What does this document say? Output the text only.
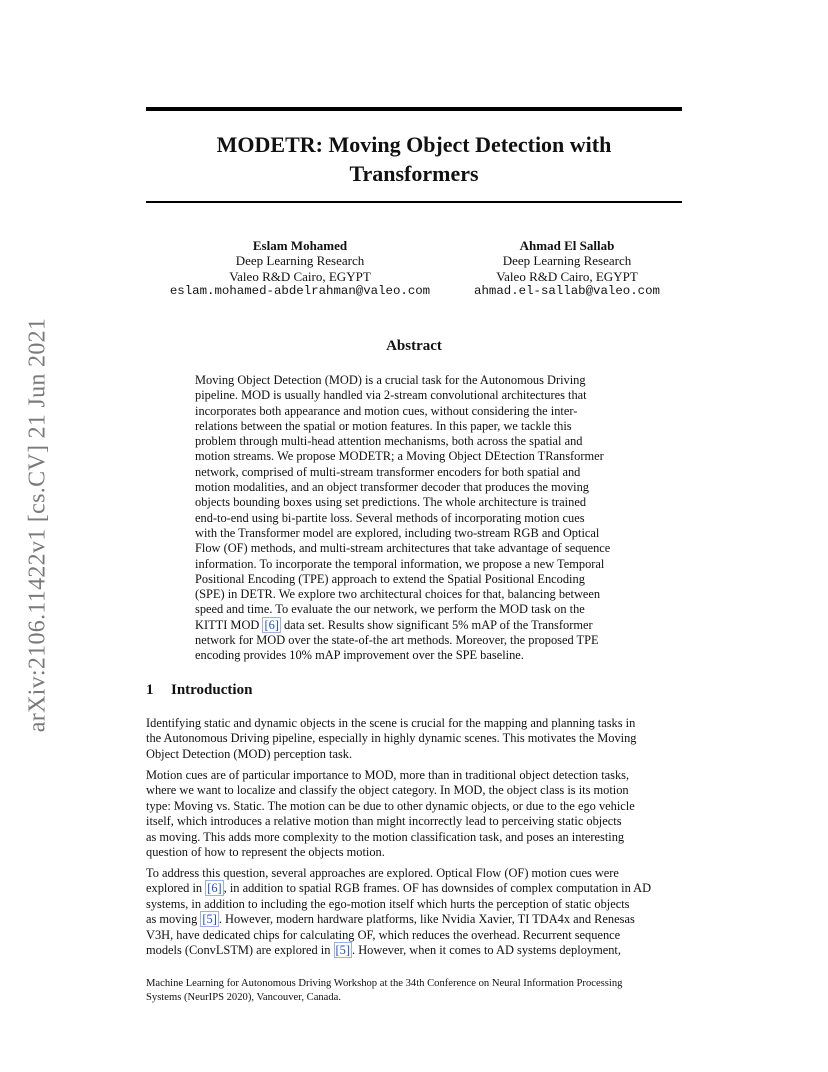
MODETR: Moving Object Detection with
Transformers
arXiv:2106.11422v1 [cs.CV] 21 Jun 2021
Eslam Mohamed
Deep Learning Research
Valeo R&D Cairo, EGYPT
eslam.mohamed-abdelrahman@valeo.com
Ahmad El Sallab
Deep Learning Research
Valeo R&D Cairo, EGYPT
ahmad.el-sallab@valeo.com
Abstract
Moving Object Detection (MOD) is a crucial task for the Autonomous Driving
pipeline. MOD is usually handled via 2-stream convolutional architectures that
incorporates both appearance and motion cues, without considering the inter-
relations between the spatial or motion features. In this paper, we tackle this
problem through multi-head attention mechanisms, both across the spatial and
motion streams. We propose MODETR; a Moving Object DEtection TRansformer
network, comprised of multi-stream transformer encoders for both spatial and
motion modalities, and an object transformer decoder that produces the moving
objects bounding boxes using set predictions. The whole architecture is trained
end-to-end using bi-partite loss. Several methods of incorporating motion cues
with the Transformer model are explored, including two-stream RGB and Optical
Flow (OF) methods, and multi-stream architectures that take advantage of sequence
information. To incorporate the temporal information, we propose a new Temporal
Positional Encoding (TPE) approach to extend the Spatial Positional Encoding
(SPE) in DETR. We explore two architectural choices for that, balancing between
speed and time. To evaluate the our network, we perform the MOD task on the
KITTI MOD [6] data set. Results show significant 5% mAP of the Transformer
network for MOD over the state-of-the art methods. Moreover, the proposed TPE
encoding provides 10% mAP improvement over the SPE baseline.
1 Introduction
Identifying static and dynamic objects in the scene is crucial for the mapping and planning tasks in
the Autonomous Driving pipeline, especially in highly dynamic scenes. This motivates the Moving
Object Detection (MOD) perception task.
Motion cues are of particular importance to MOD, more than in traditional object detection tasks,
where we want to localize and classify the object category. In MOD, the object class is its motion
type: Moving vs. Static. The motion can be due to other dynamic objects, or due to the ego vehicle
itself, which introduces a relative motion than might incorrectly lead to perceiving static objects
as moving. This adds more complexity to the motion classification task, and poses an interesting
question of how to represent the objects motion.
To address this question, several approaches are explored. Optical Flow (OF) motion cues were
explored in [6] , in addition to spatial RGB frames. OF has downsides of complex computation in AD
systems, in addition to including the ego-motion itself which hurts the perception of static objects
as moving [5] . However, modern hardware platforms, like Nvidia Xavier, TI TDA4x and Renesas
V3H, have dedicated chips for calculating OF, which reduces the overhead. Recurrent sequence
models (ConvLSTM) are explored in [5] . However, when it comes to AD systems deployment,
Machine Learning for Autonomous Driving Workshop at the 34th Conference on Neural Information Processing
Systems (NeurIPS 2020), Vancouver, Canada.
